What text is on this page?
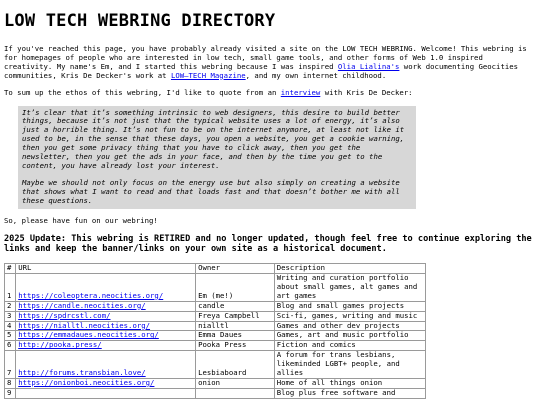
LOW TECH WEBRING DIRECTORY

If you've reached this page, you have probably already visited a site on the LOW TECH WEBRING. Welcome! This webring is for homepages of people who are interested in low tech, small game tools, and other forms of Web 1.0 inspired creativity. My name's Em, and I started this webring because I was inspired Olia Lialina's work documenting Geocities communities, Kris De Decker's work at LOW—TECH Magazine, and my own internet childhood.

To sum up the ethos of this webring, I'd like to quote from an interview with Kris De Decker:

It’s clear that it’s something intrinsic to web designers, this desire to build better things, because it’s not just that the typical website uses a lot of energy, it’s also just a horrible thing. It’s not fun to be on the internet anymore, at least not like it used to be, in the sense that these days, you open a website, you get a cookie warning, then you get some privacy thing that you have to click away, then you get the newsletter, then you get the ads in your face, and then by the time you get to the content, you have already lost your interest.

Maybe we should not only focus on the energy use but also simply on creating a website that shows what I want to read and that loads fast and that doesn’t bother me with all these questions.

So, please have fun on our webring!

2025 Update: This webring is RETIRED and no longer updated, though feel free to continue exploring the links and keep the banner/links on your own site as a historical document.
#	URL	Owner	Description
1	https://coleoptera.neocities.org/	Em (me!)	Writing and curation portfolio about small games, alt games and art games
2	https://candle.neocities.org/	candle	Blog and small games projects
3	https://spdrcstl.com/	Freya Campbell	Sci-fi, games, writing and music
4	https://nialltl.neocities.org/	nialltl	Games and other dev projects
5	https://emmadaues.neocities.org/	Emma Daues	Games, art and music portfolio
6	http://pooka.press/	Pooka Press	Fiction and comics
7	http://forums.transbian.love/	Lesbiaboard	A forum for trans lesbians, likeminded LGBT+ people, and allies
8	https://onionboi.neocities.org/	onion	Home of all things onion
9			Blog plus free software and
